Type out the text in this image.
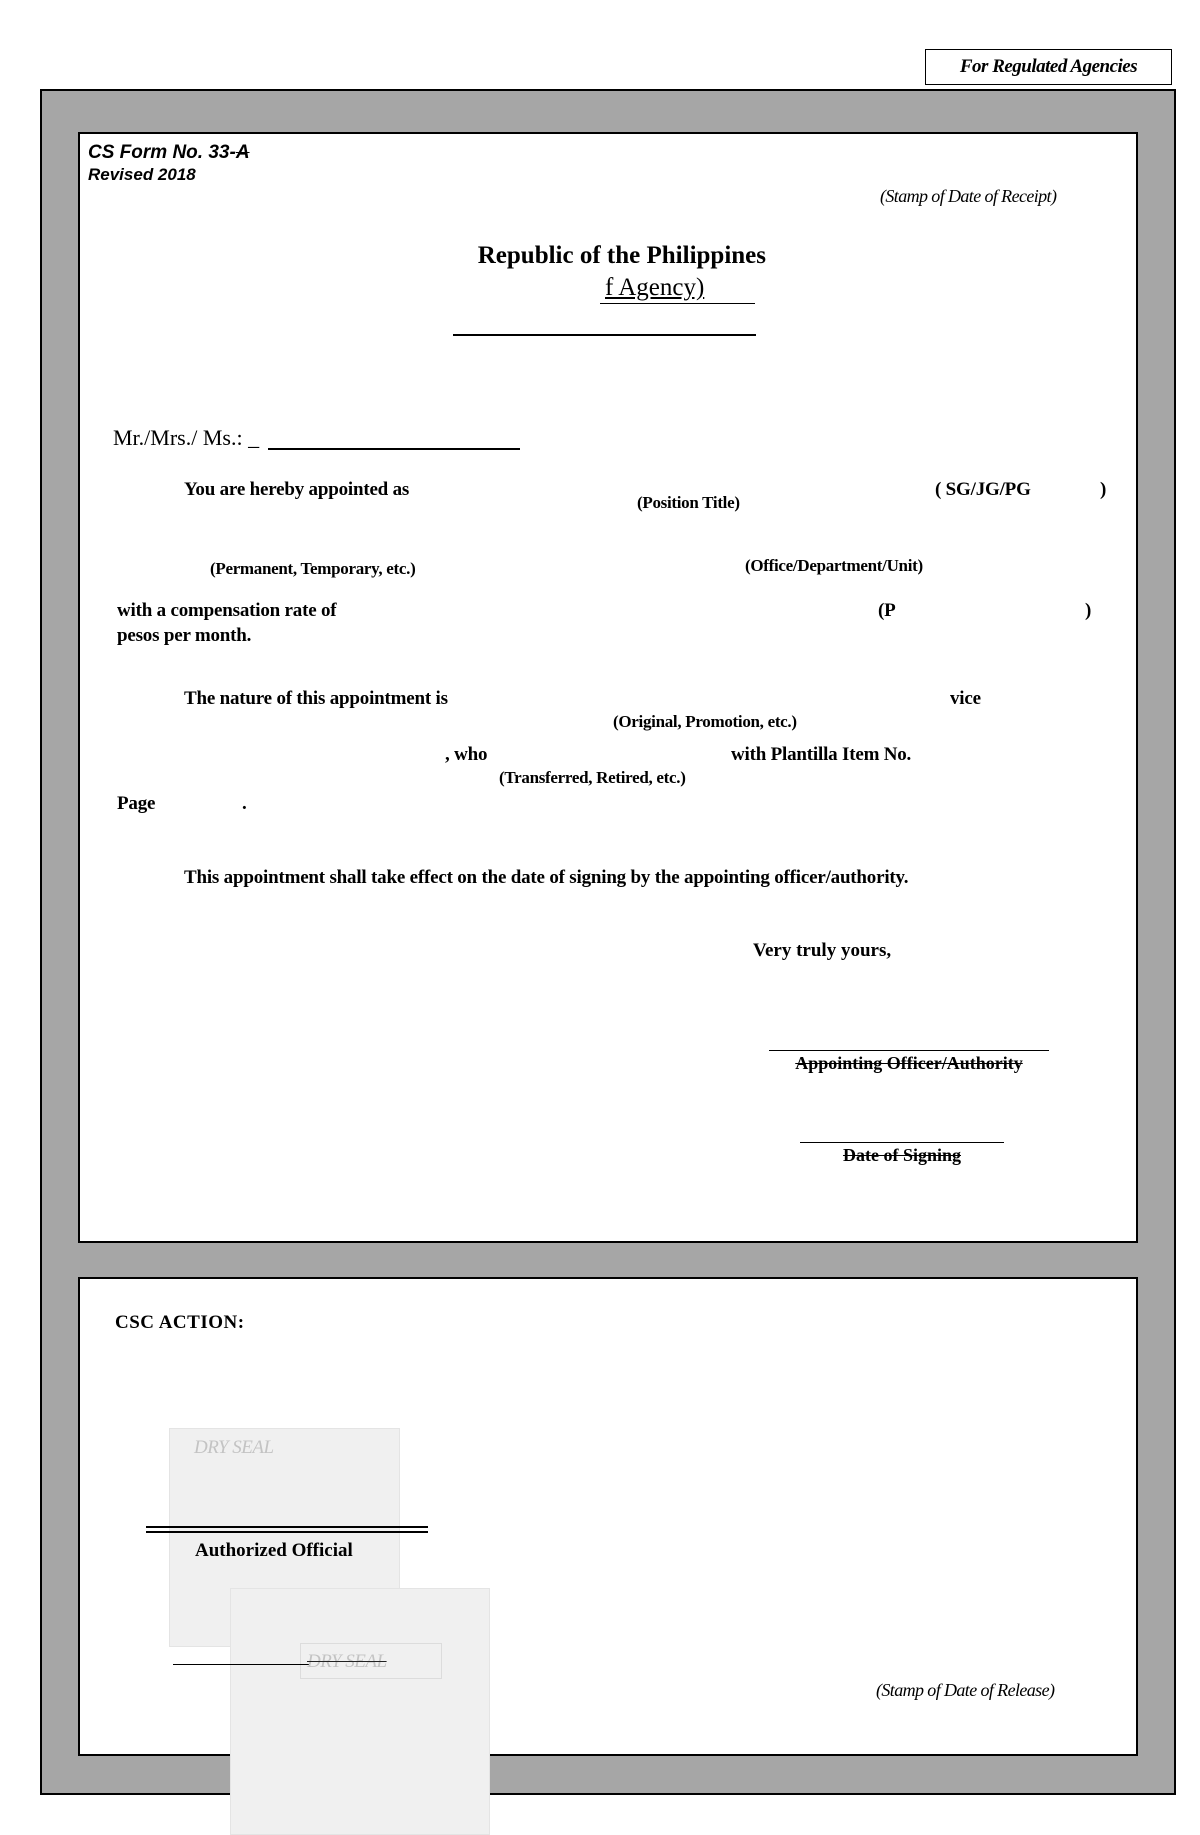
For Regulated Agencies
CS Form No. 33-A
Revised 2018
(Stamp of Date of Receipt)
Republic of the Philippines
f Agency)
Mr./Mrs./ Ms.: _
You are hereby appointed as	( SG/JG/PG	)
(Position Title)
(Permanent, Temporary, etc.)	(Office/Department/Unit)
with a compensation rate of	(P	)
pesos per month.
The nature of this appointment is	vice
(Original, Promotion, etc.)
, who	with Plantilla Item No.
(Transferred, Retired, etc.)
Page	.
This appointment shall take effect on the date of signing by the appointing officer/authority.
Very truly yours,
Appointing Officer/Authority
Date of Signing
CSC ACTION:
DRY SEAL
Authorized Official
DRY SEAL
(Stamp of Date of Release)
